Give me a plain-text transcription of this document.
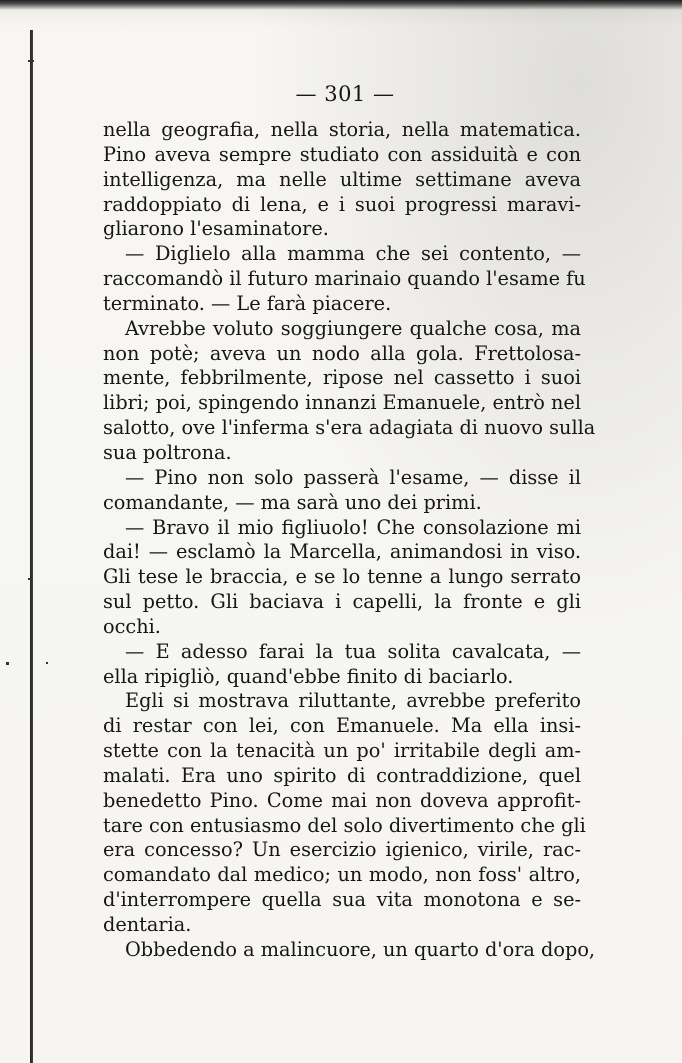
— 301 —
nella geografia, nella storia, nella matematica.
Pino aveva sempre studiato con assiduità e con
intelligenza, ma nelle ultime settimane aveva
raddoppiato di lena, e i suoi progressi maravi-
gliarono l'esaminatore.
— Diglielo alla mamma che sei contento, —
raccomandò il futuro marinaio quando l'esame fu
terminato. — Le farà piacere.
Avrebbe voluto soggiungere qualche cosa, ma
non potè; aveva un nodo alla gola. Frettolosa-
mente, febbrilmente, ripose nel cassetto i suoi
libri; poi, spingendo innanzi Emanuele, entrò nel
salotto, ove l'inferma s'era adagiata di nuovo sulla
sua poltrona.
— Pino non solo passerà l'esame, — disse il
comandante, — ma sarà uno dei primi.
— Bravo il mio figliuolo! Che consolazione mi
dai! — esclamò la Marcella, animandosi in viso.
Gli tese le braccia, e se lo tenne a lungo serrato
sul petto. Gli baciava i capelli, la fronte e gli
occhi.
— E adesso farai la tua solita cavalcata, —
ella ripigliò, quand'ebbe finito di baciarlo.
Egli si mostrava riluttante, avrebbe preferito
di restar con lei, con Emanuele. Ma ella insi-
stette con la tenacità un po' irritabile degli am-
malati. Era uno spirito di contraddizione, quel
benedetto Pino. Come mai non doveva approfit-
tare con entusiasmo del solo divertimento che gli
era concesso? Un esercizio igienico, virile, rac-
comandato dal medico; un modo, non foss' altro,
d'interrompere quella sua vita monotona e se-
dentaria.
Obbedendo a malincuore, un quarto d'ora dopo,
